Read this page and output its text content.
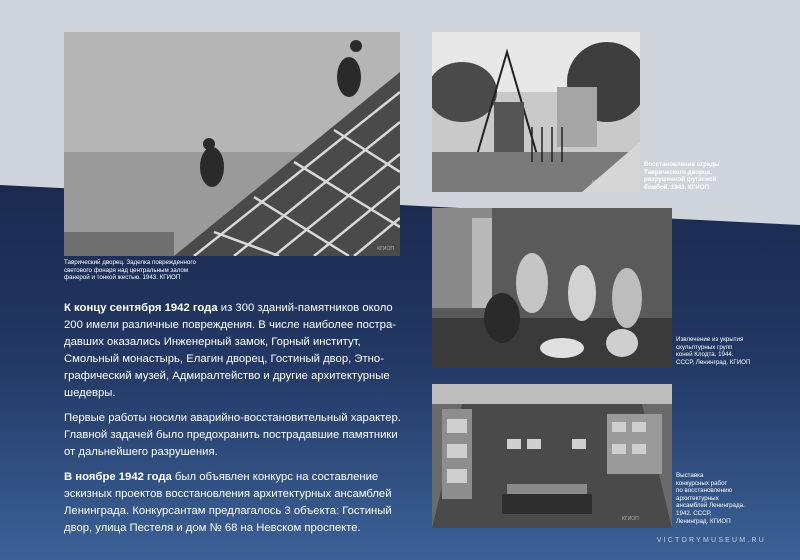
КГИОП
Таврический дворец. Заделка поврежденного
светового фонаря над центральным залом
фанерой и тонкой жестью. 1943. КГИОП
КГИОП
Восстановление ограды
Таврического дворца,
разрушенной фугасной
бомбой. 1943. КГИОП
Извлечение из укрытия
скульптурных групп
коней Клодта. 1944.
СССР, Ленинград. КГИОП
КГИОП
Выставка
конкурсных работ
по восстановлению
архитектурных
ансамблей Ленинграда.
1942. СССР,
Ленинград. КГИОП

К концу сентября 1942 года из 300 зданий-памятников около 200 имели различные повреждения. В числе наиболее постра-давших оказались Инженерный замок, Горный институт, Смольный монастырь, Елагин дворец, Гостиный двор, Этно-графический музей, Адмиралтейство и другие архитектурные шедевры.

Первые работы носили аварийно-восстановительный характер. Главной задачей было предохранить пострадавшие памятники от дальнейшего разрушения.

В ноябре 1942 года был объявлен конкурс на составление эскизных проектов восстановления архитектурных ансамблей Ленинграда. Конкурсантам предлагалось 3 объекта: Гостиный двор, улица Пестеля и дом № 68 на Невском проспекте.

VICTORYMUSEUM.RU
